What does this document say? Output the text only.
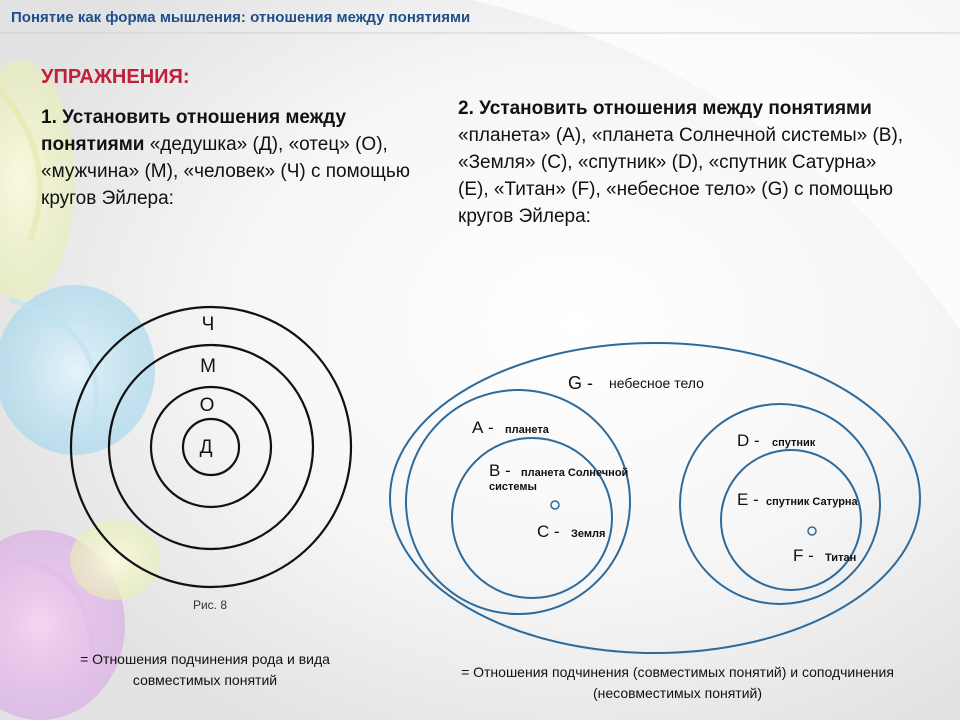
Понятие как форма мышления: отношения между понятиями
УПРАЖНЕНИЯ:
1. Установить отношения между понятиями «дедушка» (Д), «отец» (О), «мужчина» (М), «человек» (Ч) с помощью кругов Эйлера:
2. Установить отношения между понятиями «планета» (А), «планета Солнечной системы» (В), «Земля» (С), «спутник» (D), «спутник Сатурна» (Е), «Титан» (F), «небесное тело» (G) с помощью кругов Эйлера:
Ч
М
О
Д
Рис. 8
G - небесное тело
А - планета
В - планета Солнечной
системы
С - Земля
D - спутник
Е - спутник Сатурна
F - Титан
= Отношения подчинения рода и вида совместимых понятий	= Отношения подчинения (совместимых понятий) и соподчинения
(несовместимых понятий)
